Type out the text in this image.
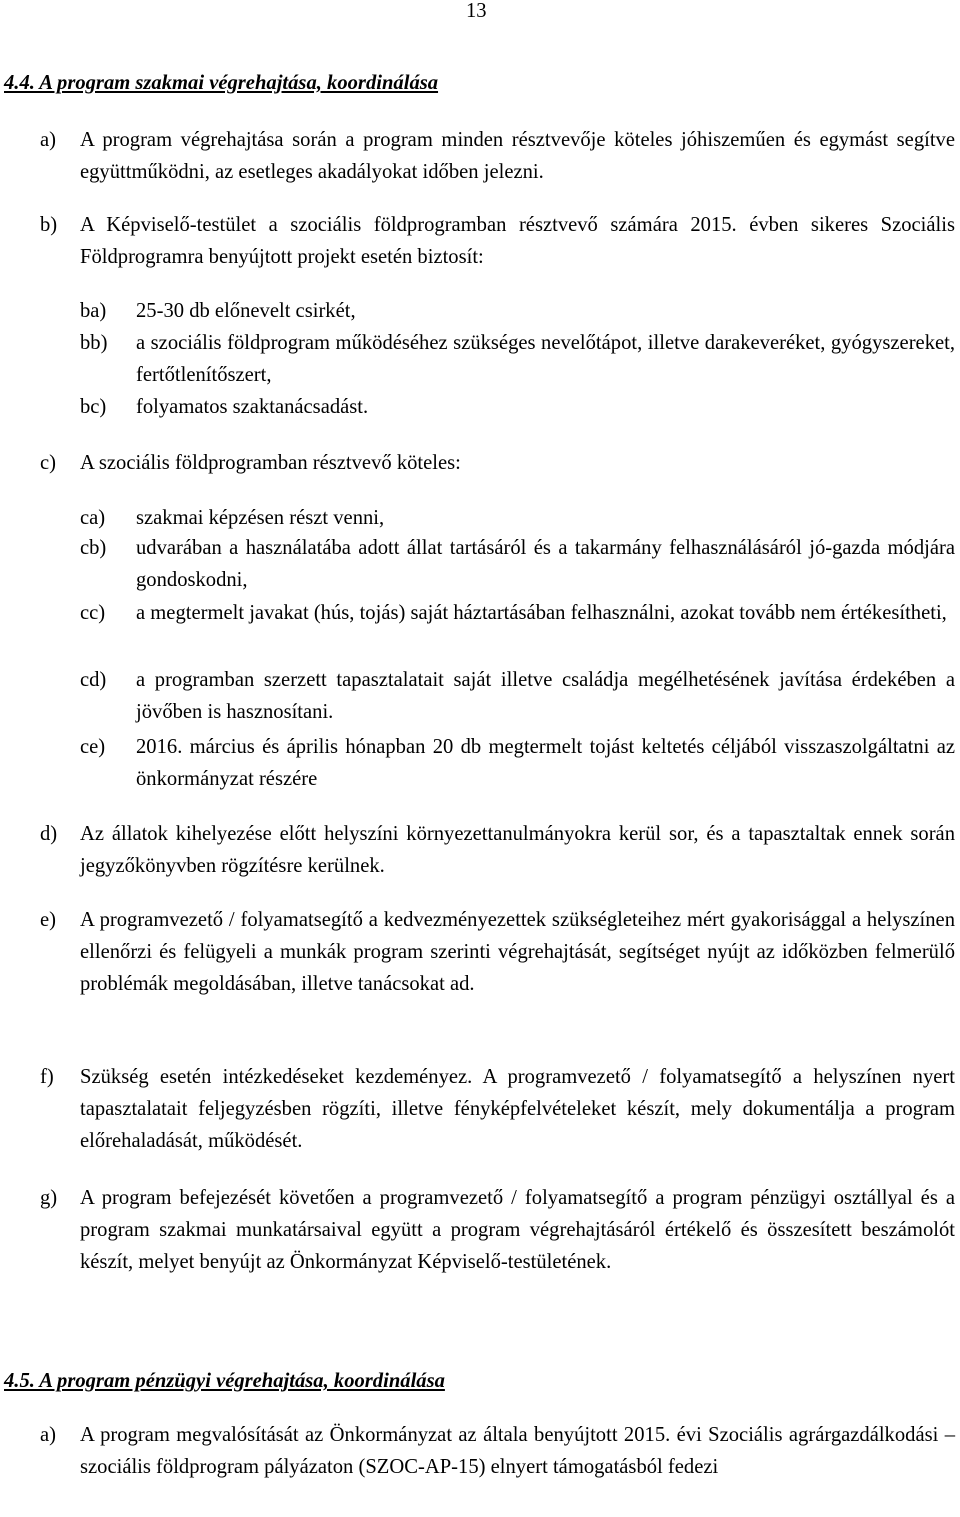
13
4.4. A program szakmai végrehajtása, koordinálása
a) A program végrehajtása során a program minden résztvevője köteles jóhiszeműen és egymást segítve együttműködni, az esetleges akadályokat időben jelezni.
b) A Képviselő-testület a szociális földprogramban résztvevő számára 2015. évben sikeres Szociális Földprogramra benyújtott projekt esetén biztosít:
ba) 25-30 db előnevelt csirkét,
bb) a szociális földprogram működéséhez szükséges nevelőtápot, illetve darakeveréket, gyógyszereket, fertőtlenítőszert,
bc) folyamatos szaktanácsadást.
c) A szociális földprogramban résztvevő köteles:
ca) szakmai képzésen részt venni,
cb) udvarában a használatába adott állat tartásáról és a takarmány felhasználásáról jó-gazda módjára gondoskodni,
cc) a megtermelt javakat (hús, tojás) saját háztartásában felhasználni, azokat tovább nem értékesítheti,
cd) a programban szerzett tapasztalatait saját illetve családja megélhetésének javítása érdekében a jövőben is hasznosítani.
ce) 2016. március és április hónapban 20 db megtermelt tojást keltetés céljából visszaszolgáltatni az önkormányzat részére
d) Az állatok kihelyezése előtt helyszíni környezettanulmányokra kerül sor, és a tapasztaltak ennek során jegyzőkönyvben rögzítésre kerülnek.
e) A programvezető / folyamatsegítő a kedvezményezettek szükségleteihez mért gyakorisággal a helyszínen ellenőrzi és felügyeli a munkák program szerinti végrehajtását, segítséget nyújt az időközben felmerülő problémák megoldásában, illetve tanácsokat ad.
f) Szükség esetén intézkedéseket kezdeményez. A programvezető / folyamatsegítő a helyszínen nyert tapasztalatait feljegyzésben rögzíti, illetve fényképfelvételeket készít, mely dokumentálja a program előrehaladását, működését.
g) A program befejezését követően a programvezető / folyamatsegítő a program pénzügyi osztállyal és a program szakmai munkatársaival együtt a program végrehajtásáról értékelő és összesített beszámolót készít, melyet benyújt az Önkormányzat Képviselő-testületének.
4.5. A program pénzügyi végrehajtása, koordinálása
a) A program megvalósítását az Önkormányzat az általa benyújtott 2015. évi Szociális agrárgazdálkodási – szociális földprogram pályázaton (SZOC-AP-15) elnyert támogatásból fedezi
